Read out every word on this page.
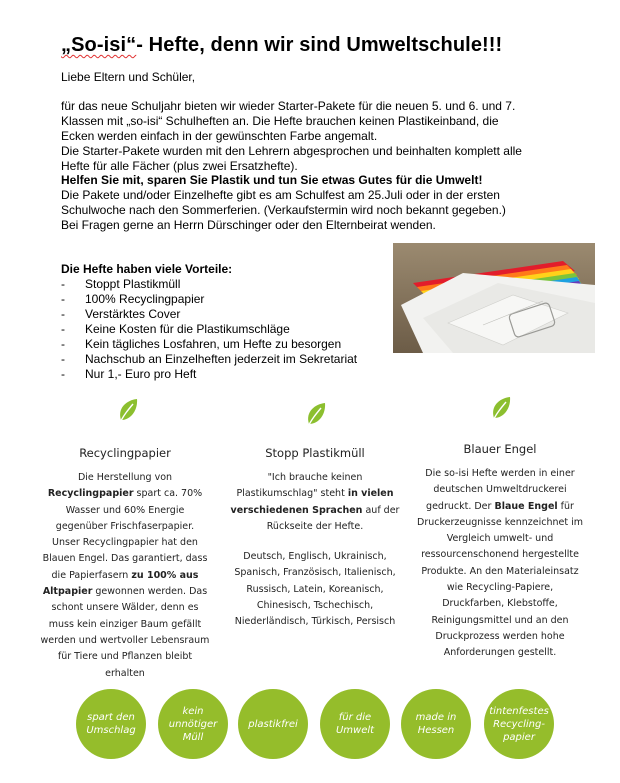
„So-isi“- Hefte, denn wir sind Umweltschule!!!
Liebe Eltern und Schüler,
für das neue Schuljahr bieten wir wieder Starter-Pakete für die neuen 5. und 6. und 7.
Klassen mit „so-isi“ Schulheften an. Die Hefte brauchen keinen Plastikeinband, die
Ecken werden einfach in der gewünschten Farbe angemalt.
Die Starter-Pakete wurden mit den Lehrern abgesprochen und beinhalten komplett alle
Hefte für alle Fächer (plus zwei Ersatzhefte).
Helfen Sie mit, sparen Sie Plastik und tun Sie etwas Gutes für die Umwelt!
Die Pakete und/oder Einzelhefte gibt es am Schulfest am 25.Juli oder in der ersten
Schulwoche nach den Sommerferien. (Verkaufstermin wird noch bekannt gegeben.)
Bei Fragen gerne an Herrn Dürschinger oder den Elternbeirat wenden.
Die Hefte haben viele Vorteile:
-	Stoppt Plastikmüll
-	100% Recyclingpapier
-	Verstärktes Cover
-	Keine Kosten für die Plastikumschläge
-	Kein tägliches Losfahren, um Hefte zu besorgen
-	Nachschub an Einzelheften jederzeit im Sekretariat
-	Nur 1,- Euro pro Heft
Recyclingpapier	Stopp Plastikmüll	Blauer Engel
Die Herstellung von
Recyclingpapier spart ca. 70%
Wasser und 60% Energie
gegenüber Frischfaserpapier.
Unser Recyclingpapier hat den
Blauen Engel. Das garantiert, dass
die Papierfasern zu 100% aus
Altpapier gewonnen werden. Das
schont unsere Wälder, denn es
muss kein einziger Baum gefällt
werden und wertvoller Lebensraum
für Tiere und Pflanzen bleibt
erhalten
"Ich brauche keinen
Plastikumschlag" steht in vielen
verschiedenen Sprachen auf der
Rückseite der Hefte.
Deutsch, Englisch, Ukrainisch,
Spanisch, Französisch, Italienisch,
Russisch, Latein, Koreanisch,
Chinesisch, Tschechisch,
Niederländisch, Türkisch, Persisch
Die so-isi Hefte werden in einer
deutschen Umweltdruckerei
gedruckt. Der Blaue Engel für
Druckerzeugnisse kennzeichnet im
Vergleich umwelt- und
ressourcenschonend hergestellte
Produkte. An den Materialeinsatz
wie Recycling-Papiere,
Druckfarben, Klebstoffe,
Reinigungsmittel und an den
Druckprozess werden hohe
Anforderungen gestellt.
spart den
Umschlag
kein
unnötiger
Müll
plastikfrei
für die
Umwelt
made in
Hessen
tintenfestes
Recycling-
papier
